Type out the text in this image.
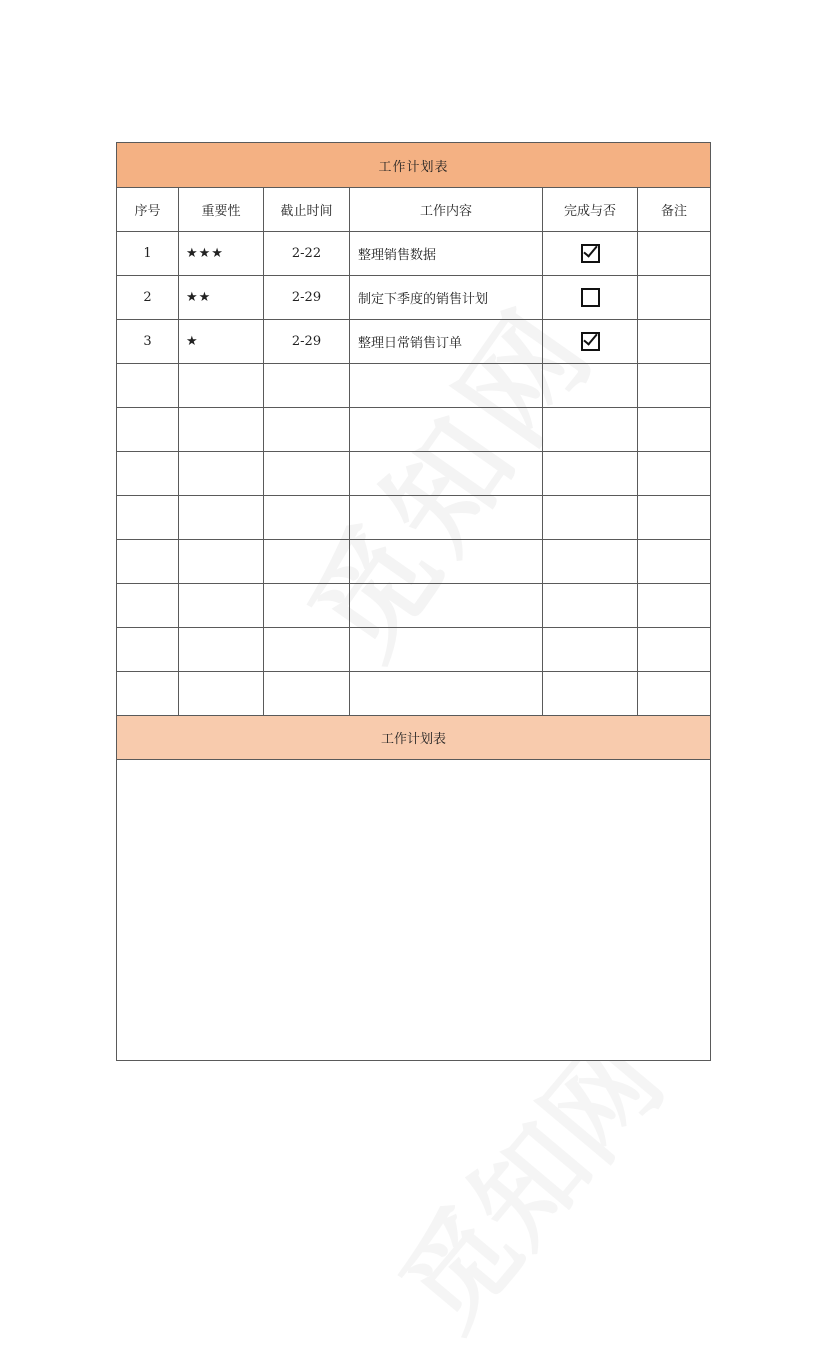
工作计划表					
序号	重要性	截止时间	工作内容	完成与否	备注
1	★★★	2-22	整理销售数据		
2	★★	2-29	制定下季度的销售计划		
3	★	2-29	整理日常销售订单		

工作计划表					
